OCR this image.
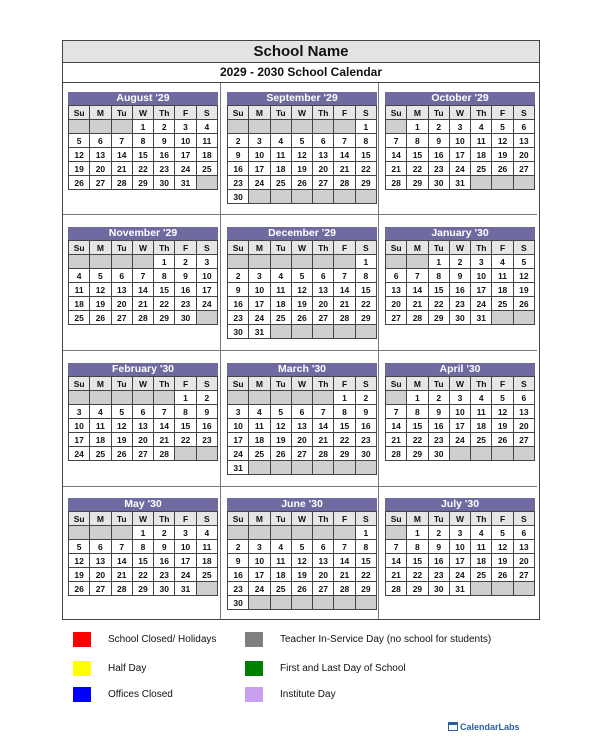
School Name
2029 - 2030 School Calendar
August '29
Su	M	Tu	W	Th	F	S
			1	2	3	4
5	6	7	8	9	10	11
12	13	14	15	16	17	18
19	20	21	22	23	24	25
26	27	28	29	30	31	
September '29
Su	M	Tu	W	Th	F	S
						1
2	3	4	5	6	7	8
9	10	11	12	13	14	15
16	17	18	19	20	21	22
23	24	25	26	27	28	29
30						
October '29
Su	M	Tu	W	Th	F	S
	1	2	3	4	5	6
7	8	9	10	11	12	13
14	15	16	17	18	19	20
21	22	23	24	25	26	27
28	29	30	31			
November '29
Su	M	Tu	W	Th	F	S
				1	2	3
4	5	6	7	8	9	10
11	12	13	14	15	16	17
18	19	20	21	22	23	24
25	26	27	28	29	30	
December '29
Su	M	Tu	W	Th	F	S
						1
2	3	4	5	6	7	8
9	10	11	12	13	14	15
16	17	18	19	20	21	22
23	24	25	26	27	28	29
30	31					
January '30
Su	M	Tu	W	Th	F	S
		1	2	3	4	5
6	7	8	9	10	11	12
13	14	15	16	17	18	19
20	21	22	23	24	25	26
27	28	29	30	31		
February '30
Su	M	Tu	W	Th	F	S
					1	2
3	4	5	6	7	8	9
10	11	12	13	14	15	16
17	18	19	20	21	22	23
24	25	26	27	28		
March '30
Su	M	Tu	W	Th	F	S
					1	2
3	4	5	6	7	8	9
10	11	12	13	14	15	16
17	18	19	20	21	22	23
24	25	26	27	28	29	30
31						
April '30
Su	M	Tu	W	Th	F	S
	1	2	3	4	5	6
7	8	9	10	11	12	13
14	15	16	17	18	19	20
21	22	23	24	25	26	27
28	29	30				
May '30
Su	M	Tu	W	Th	F	S
			1	2	3	4
5	6	7	8	9	10	11
12	13	14	15	16	17	18
19	20	21	22	23	24	25
26	27	28	29	30	31	
June '30
Su	M	Tu	W	Th	F	S
						1
2	3	4	5	6	7	8
9	10	11	12	13	14	15
16	17	18	19	20	21	22
23	24	25	26	27	28	29
30						
July '30
Su	M	Tu	W	Th	F	S
	1	2	3	4	5	6
7	8	9	10	11	12	13
14	15	16	17	18	19	20
21	22	23	24	25	26	27
28	29	30	31			
School Closed/ Holidays	Teacher In-Service Day (no school for students)
Half Day	First and Last Day of School
Offices Closed	Institute Day
CalendarLabs
